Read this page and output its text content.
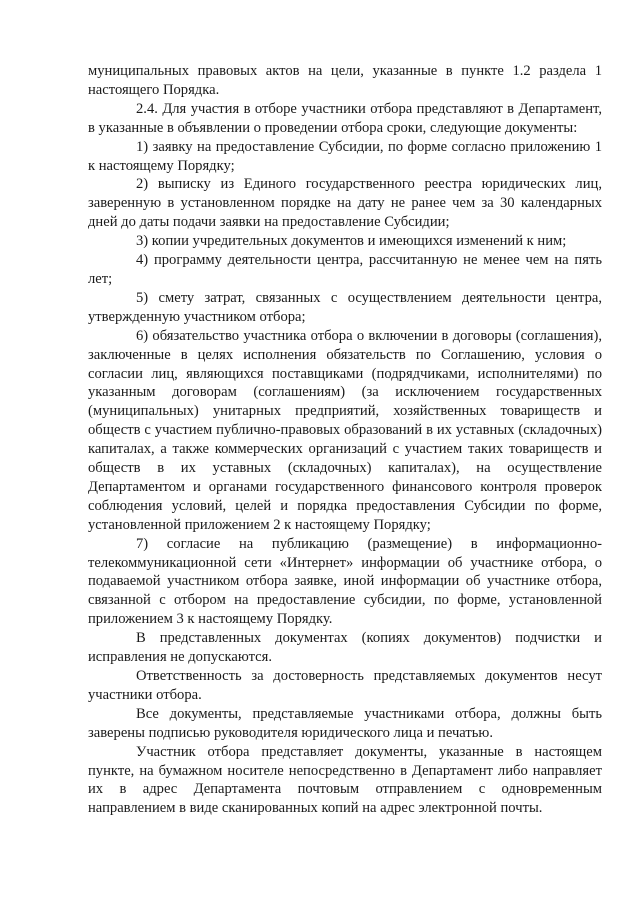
муниципальных правовых актов на цели, указанные в пункте 1.2 раздела 1 настоящего Порядка.

2.4. Для участия в отборе участники отбора представляют в Департамент, в указанные в объявлении о проведении отбора сроки, следующие документы:

1) заявку на предоставление Субсидии, по форме согласно приложению 1 к настоящему Порядку;

2) выписку из Единого государственного реестра юридических лиц, заверенную в установленном порядке на дату не ранее чем за 30 календарных дней до даты подачи заявки на предоставление Субсидии;

3) копии учредительных документов и имеющихся изменений к ним;

4) программу деятельности центра, рассчитанную не менее чем на пять лет;

5) смету затрат, связанных с осуществлением деятельности центра, утвержденную участником отбора;

6) обязательство участника отбора о включении в договоры (соглашения), заключенные в целях исполнения обязательств по Соглашению, условия о согласии лиц, являющихся поставщиками (подрядчиками, исполнителями) по указанным договорам (соглашениям) (за исключением государственных (муниципальных) унитарных предприятий, хозяйственных товариществ и обществ с участием публично-правовых образований в их уставных (складочных) капиталах, а также коммерческих организаций с участием таких товариществ и обществ в их уставных (складочных) капиталах), на осуществление Департаментом и органами государственного финансового контроля проверок соблюдения условий, целей и порядка предоставления Субсидии по форме, установленной приложением 2 к настоящему Порядку;

7) согласие на публикацию (размещение) в информационно-телекоммуникационной сети «Интернет» информации об участнике отбора, о подаваемой участником отбора заявке, иной информации об участнике отбора, связанной с отбором на предоставление субсидии, по форме, установленной приложением 3 к настоящему Порядку.

В представленных документах (копиях документов) подчистки и исправления не допускаются.

Ответственность за достоверность представляемых документов несут участники отбора.

Все документы, представляемые участниками отбора, должны быть заверены подписью руководителя юридического лица и печатью.

Участник отбора представляет документы, указанные в настоящем пункте, на бумажном носителе непосредственно в Департамент либо направляет их в адрес Департамента почтовым отправлением с одновременным направлением в виде сканированных копий на адрес электронной почты.
